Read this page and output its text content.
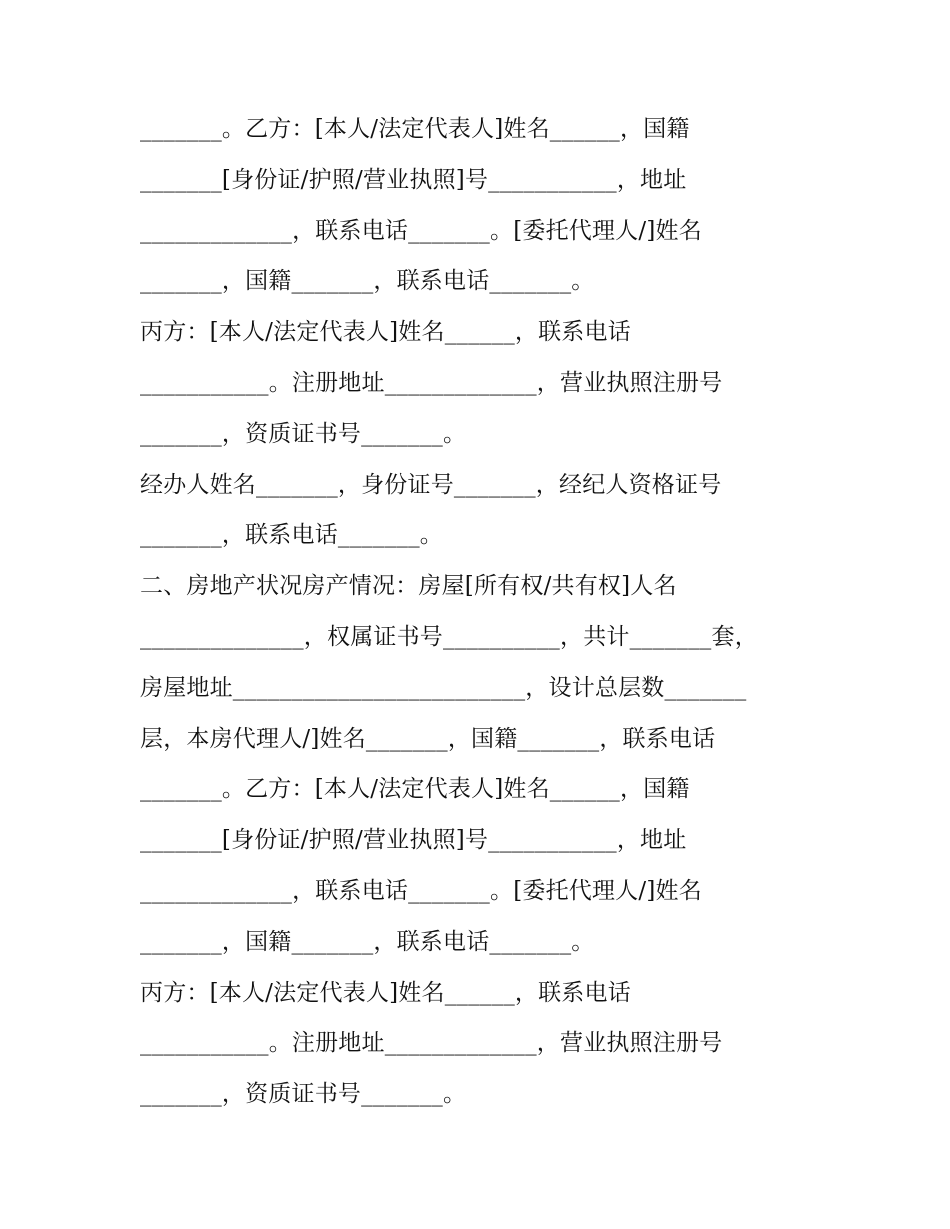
_______。乙方：[本人/法定代表人]姓名______，国籍
_______[身份证/护照/营业执照]号___________，地址
_____________，联系电话_______。[委托代理人/]姓名
_______，国籍_______，联系电话_______。
丙方：[本人/法定代表人]姓名______，联系电话
___________。注册地址_____________，营业执照注册号
_______，资质证书号_______。
经办人姓名_______，身份证号_______，经纪人资格证号
_______，联系电话_______。
二、房地产状况房产情况：房屋[所有权/共有权]人名
______________，权属证书号__________，共计_______套，
房屋地址_________________________，设计总层数_______
层，本房代理人/]姓名_______，国籍_______，联系电话
_______。乙方：[本人/法定代表人]姓名______，国籍
_______[身份证/护照/营业执照]号___________，地址
_____________，联系电话_______。[委托代理人/]姓名
_______，国籍_______，联系电话_______。
丙方：[本人/法定代表人]姓名______，联系电话
___________。注册地址_____________，营业执照注册号
_______，资质证书号_______。
